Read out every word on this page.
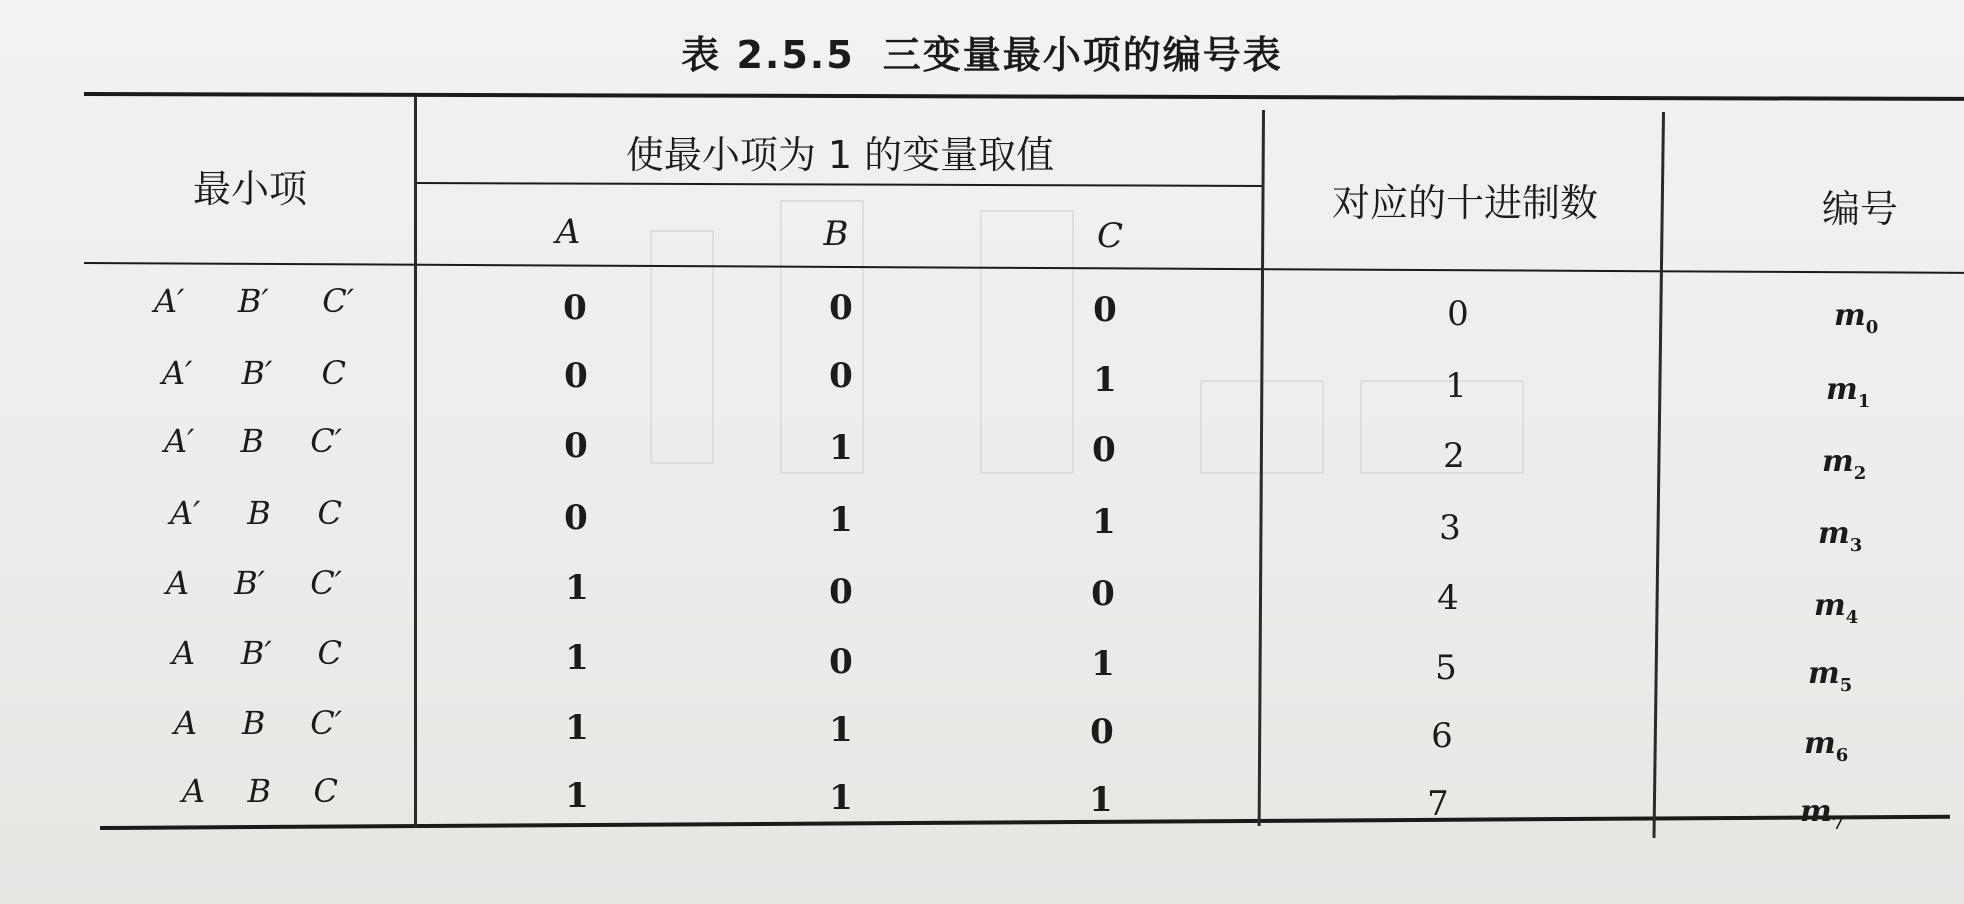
表 2.5.5 三变量最小项的编号表
最小项
使最小项为 1 的变量取值
对应的十进制数	编号
A	B	C
A′ B′ C′	0	0	0	0	$m_0$
A′ B′ C	0	0	1	1	$m_1$
A′ B C′	0	1	0	2	$m_2$
A′ B C	0	1	1	3	$m_3$
A B′ C′	1	0	0	4	$m_4$
A B′ C	1	0	1	5	$m_5$
A B C′	1	1	0	6	$m_6$
A B C	1	1	1	7	$m_7$
